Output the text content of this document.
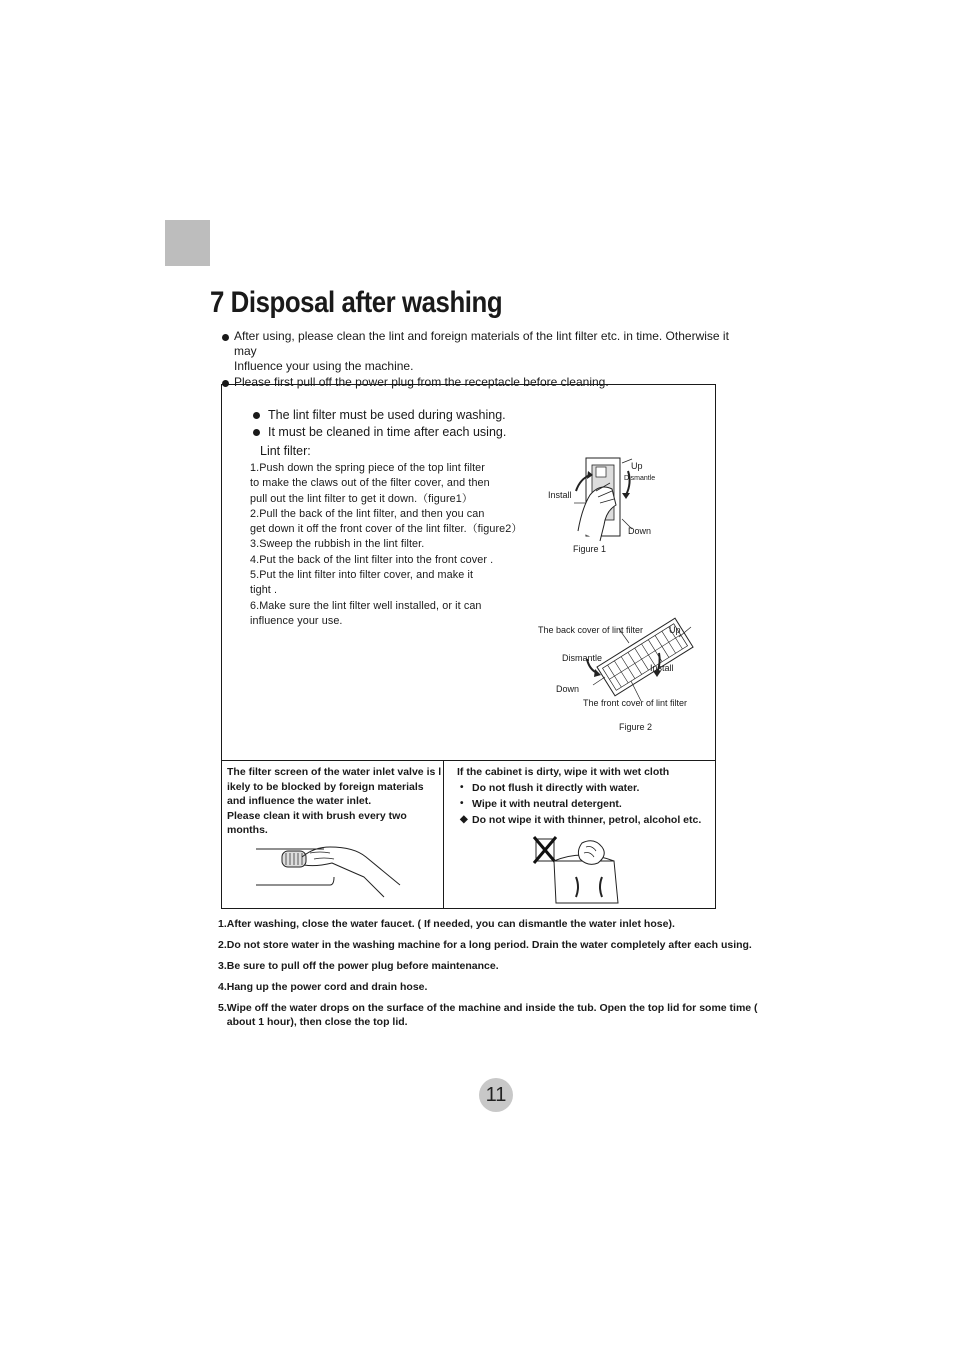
7 Disposal after washing
After using, please clean the lint and foreign materials of the lint filter etc. in time. Otherwise it may
Influence your using the machine.
Please first pull off the power plug from the receptacle before cleaning.
The lint filter must be used during washing.
It must be cleaned in time after each using.
Lint filter:
1.Push down the spring piece of the top lint filter
to make the claws out of the filter cover, and then
pull out the lint filter to get it down.（figure1）
2.Pull the back of the lint filter, and then you can
get down it off the front cover of the lint filter.（figure2）
3.Sweep the rubbish in the lint filter.
4.Put the back of the lint filter into the front cover .
5.Put the lint filter into filter cover, and make it
tight .
6.Make sure the lint filter well installed, or it can
influence your use.
Up
Dismantle
Install
Down
Figure 1
The back cover of lint filter	Up
Dismantle
Install
Down
The front cover of lint filter
Figure 2
The filter screen of the water inlet valve is l
ikely to be blocked by foreign materials
and influence the water inlet.
Please clean it with brush every two months.
If the cabinet is dirty, wipe it with wet cloth
• Do not flush it directly with water.
• Wipe it with neutral detergent.
◆ Do not wipe it with thinner, petrol, alcohol etc.
1.After washing, close the water faucet. ( If needed, you can dismantle the water inlet hose).
2.Do not store water in the washing machine for a long period. Drain the water completely after each using.
3.Be sure to pull off the power plug before maintenance.
4.Hang up the power cord and drain hose.
5.Wipe off the water drops on the surface of the machine and inside the tub. Open the top lid for some time (
about 1 hour), then close the top lid.
11
